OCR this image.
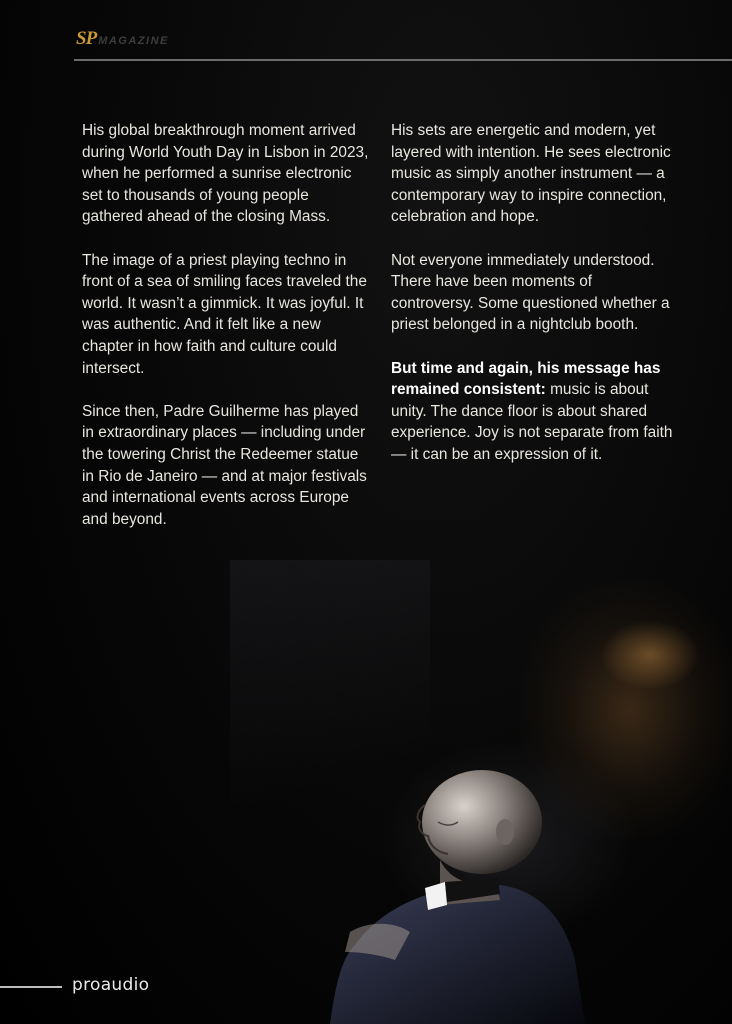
SP MAGAZINE

His global breakthrough moment arrived during World Youth Day in Lisbon in 2023, when he performed a sunrise electronic set to thousands of young people gathered ahead of the closing Mass.

The image of a priest playing techno in front of a sea of smiling faces traveled the world. It wasn’t a gimmick. It was joyful. It was authentic. And it felt like a new chapter in how faith and culture could intersect.

Since then, Padre Guilherme has played in extraordinary places — including under the towering Christ the Redeemer statue in Rio de Janeiro — and at major festivals and international events across Europe and beyond.

His sets are energetic and modern, yet layered with intention. He sees electronic music as simply another instrument — a contemporary way to inspire connection, celebration and hope.

Not everyone immediately understood. There have been moments of controversy. Some questioned whether a priest belonged in a nightclub booth.

But time and again, his message has remained consistent: music is about unity. The dance floor is about shared experience. Joy is not separate from faith — it can be an expression of it.

proaudio
